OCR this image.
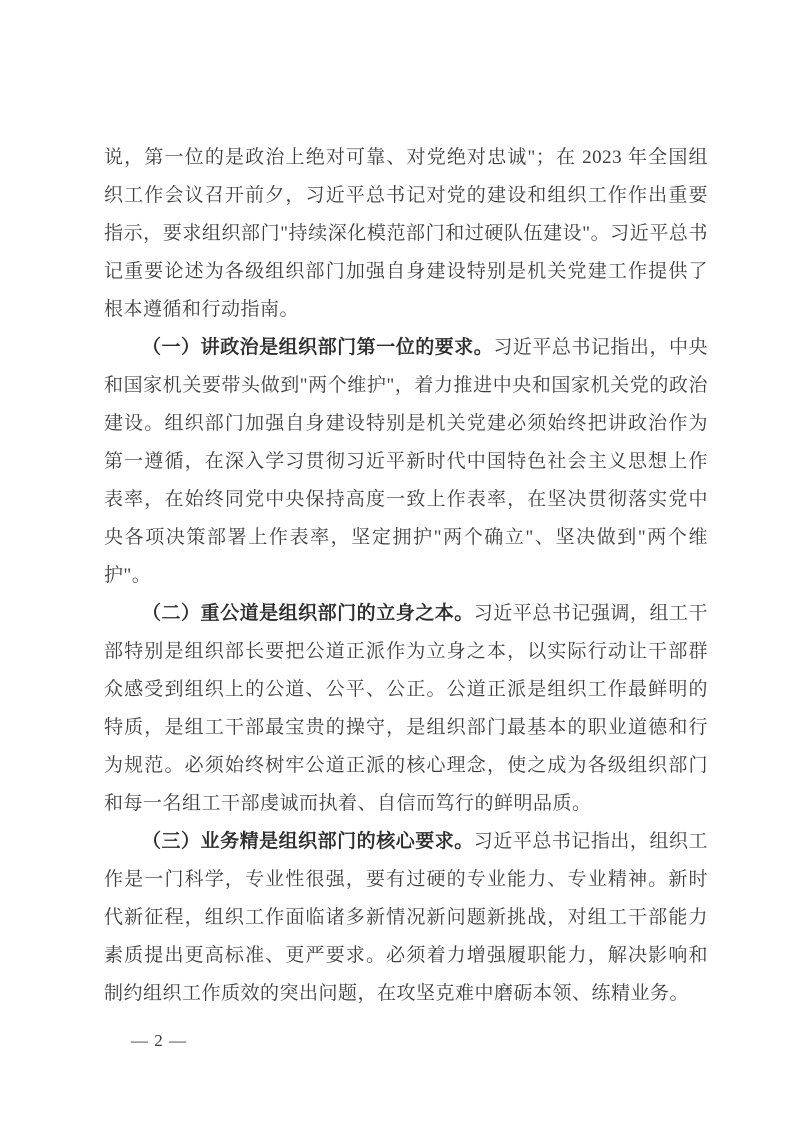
说，第一位的是政治上绝对可靠、对党绝对忠诚"；在 2023 年全国组织工作会议召开前夕，习近平总书记对党的建设和组织工作作出重要指示，要求组织部门"持续深化模范部门和过硬队伍建设"。习近平总书记重要论述为各级组织部门加强自身建设特别是机关党建工作提供了根本遵循和行动指南。

（一）讲政治是组织部门第一位的要求。习近平总书记指出，中央和国家机关要带头做到"两个维护"，着力推进中央和国家机关党的政治建设。组织部门加强自身建设特别是机关党建必须始终把讲政治作为第一遵循，在深入学习贯彻习近平新时代中国特色社会主义思想上作表率，在始终同党中央保持高度一致上作表率，在坚决贯彻落实党中央各项决策部署上作表率，坚定拥护"两个确立"、坚决做到"两个维护"。

（二）重公道是组织部门的立身之本。习近平总书记强调，组工干部特别是组织部长要把公道正派作为立身之本，以实际行动让干部群众感受到组织上的公道、公平、公正。公道正派是组织工作最鲜明的特质，是组工干部最宝贵的操守，是组织部门最基本的职业道德和行为规范。必须始终树牢公道正派的核心理念，使之成为各级组织部门和每一名组工干部虔诚而执着、自信而笃行的鲜明品质。

（三）业务精是组织部门的核心要求。习近平总书记指出，组织工作是一门科学，专业性很强，要有过硬的专业能力、专业精神。新时代新征程，组织工作面临诸多新情况新问题新挑战，对组工干部能力素质提出更高标准、更严要求。必须着力增强履职能力，解决影响和制约组织工作质效的突出问题，在攻坚克难中磨砺本领、练精业务。

— 2 —
